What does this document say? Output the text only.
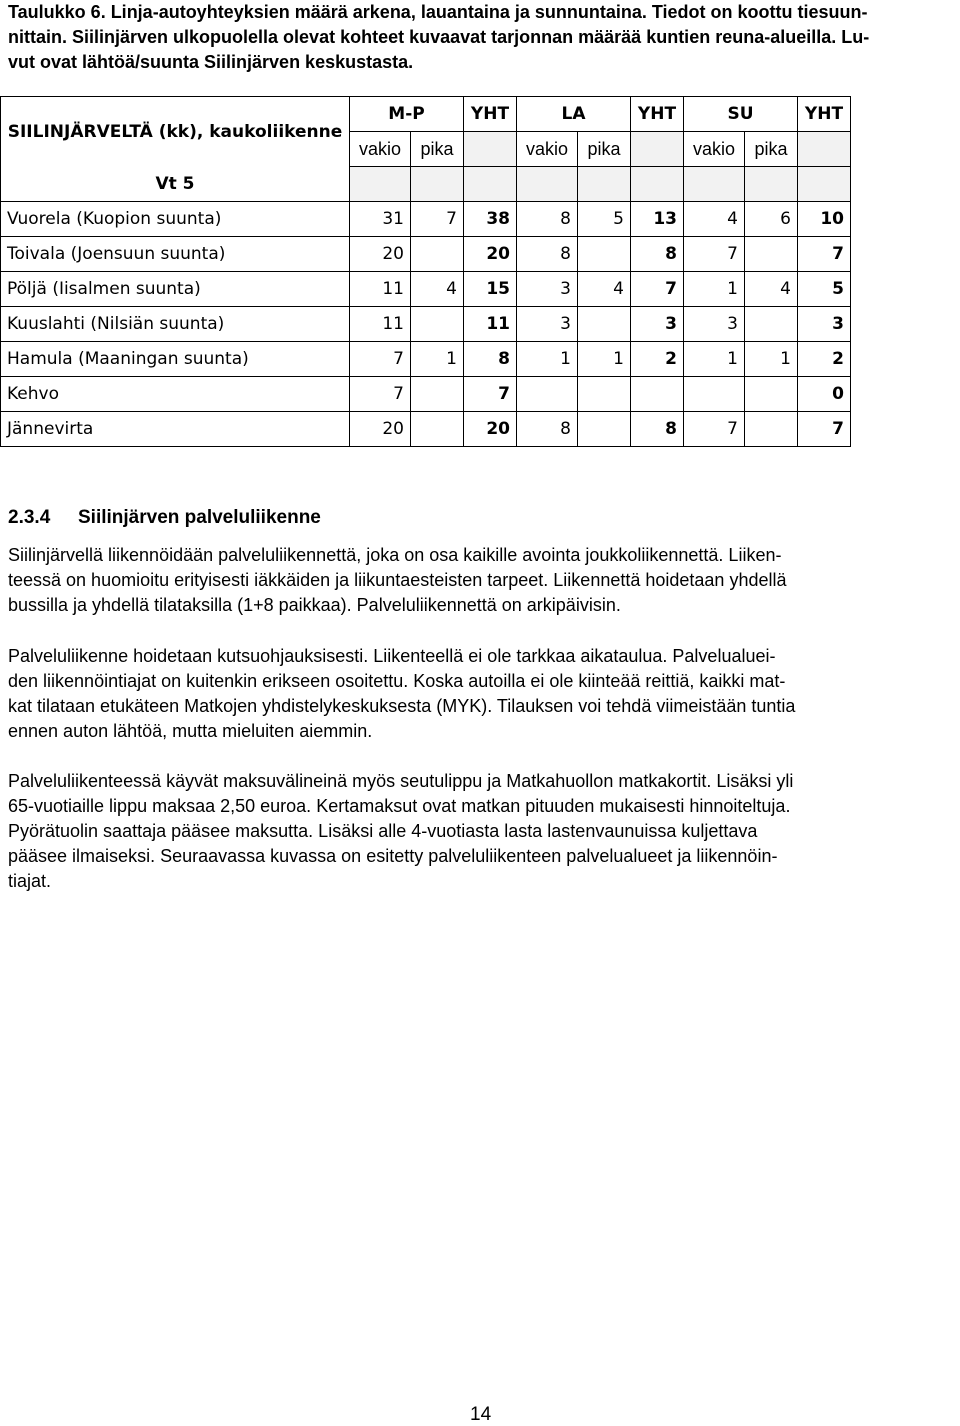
Taulukko 6. Linja-autoyhteyksien määrä arkena, lauantaina ja sunnuntaina. Tiedot on koottu tiesuun-
nittain. Siilinjärven ulkopuolella olevat kohteet kuvaavat tarjonnan määrää kuntien reuna-alueilla. Lu-
vut ovat lähtöä/suunta Siilinjärven keskustasta.
SIILINJÄRVELTÄ (kk), kaukoliikenne	M-P		YHT	LA		YHT	SU		YHT
	vakio	pika		vakio	pika		vakio	pika	
Vt 5									
Vuorela (Kuopion suunta)	31	7	38	8	5	13	4	6	10
Toivala (Joensuun suunta)	20		20	8		8	7		7
Pöljä (Iisalmen suunta)	11	4	15	3	4	7	1	4	5
Kuuslahti (Nilsiän suunta)	11		11	3		3	3		3
Hamula (Maaningan suunta)	7	1	8	1	1	2	1	1	2
Kehvo	7		7						0
Jännevirta	20		20	8		8	7		7
2.3.4 Siilinjärven palveluliikenne
Siilinjärvellä liikennöidään palveluliikennettä, joka on osa kaikille avointa joukkoliikennettä. Liiken-
teessä on huomioitu erityisesti iäkkäiden ja liikuntaesteisten tarpeet. Liikennettä hoidetaan yhdellä
bussilla ja yhdellä tilataksilla (1+8 paikkaa). Palveluliikennettä on arkipäivisin.
Palveluliikenne hoidetaan kutsuohjauksisesti. Liikenteellä ei ole tarkkaa aikataulua. Palvelualuei-
den liikennöintiajat on kuitenkin erikseen osoitettu. Koska autoilla ei ole kiinteää reittiä, kaikki mat-
kat tilataan etukäteen Matkojen yhdistelykeskuksesta (MYK). Tilauksen voi tehdä viimeistään tuntia
ennen auton lähtöä, mutta mieluiten aiemmin.
Palveluliikenteessä käyvät maksuvälineinä myös seutulippu ja Matkahuollon matkakortit. Lisäksi yli
65-vuotiaille lippu maksaa 2,50 euroa. Kertamaksut ovat matkan pituuden mukaisesti hinnoiteltuja.
Pyörätuolin saattaja pääsee maksutta. Lisäksi alle 4-vuotiasta lasta lastenvaunuissa kuljettava
pääsee ilmaiseksi. Seuraavassa kuvassa on esitetty palveluliikenteen palvelualueet ja liikennöin-
tiajat.
14
